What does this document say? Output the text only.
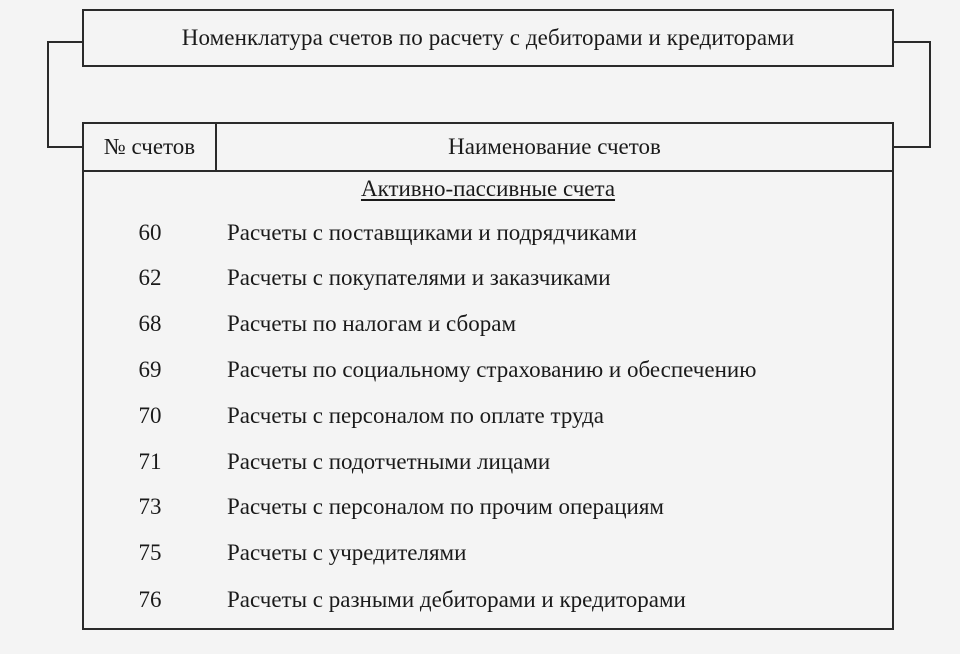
Номенклатура счетов по расчету с дебиторами и кредиторами
№ счетов	Наименование счетов
Активно-пассивные счета
60	Расчеты с поставщиками и подрядчиками
62	Расчеты с покупателями и заказчиками
68	Расчеты по налогам и сборам
69	Расчеты по социальному страхованию и обеспечению
70	Расчеты с персоналом по оплате труда
71	Расчеты с подотчетными лицами
73	Расчеты с персоналом по прочим операциям
75	Расчеты с учредителями
76	Расчеты с разными дебиторами и кредиторами
